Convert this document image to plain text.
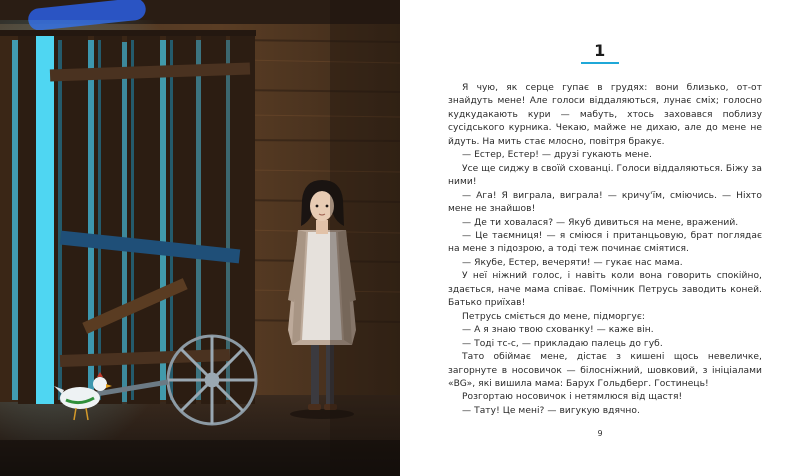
1

Я чую, як серце гупає в грудях: вони близько, от-от знайдуть мене! Але голоси віддаляються, лунає сміх; голосно кудкудакають кури — мабуть, хтось заховався поблизу сусідського курника. Чекаю, майже не дихаю, але до мене не йдуть. На мить стає млосно, повітря бракує.

— Естер, Естер! — друзі гукають мене.

Усе ще сиджу в своїй схованці. Голоси віддаляються. Біжу за ними!

— Ага! Я виграла, виграла! — кричу'їм, сміючись. — Ніхто мене не знайшов!

— Де ти ховалася? — Якуб дивиться на мене, вражений.

— Це таємниця! — я сміюся і пританцьовую, брат поглядає на мене з підозрою, а тоді теж починає сміятися.

— Якубе, Естер, вечеряти! — гукає нас мама.

У неї ніжний голос, і навіть коли вона говорить спокійно, здається, наче мама співає. Помічник Петрусь заводить коней. Батько приїхав!

Петрусь сміється до мене, підморгує:

— А я знаю твою схованку! — каже він.

— Тоді тс-с, — прикладаю палець до губ.

Тато обіймає мене, дістає з кишені щось невеличке, загорнуте в носовичок — білосніжний, шовковий, з ініціалами «BG», які вишила мама: Барух Гольдберг. Гостинець!

Розгортаю носовичок і нетямлюся від щастя!

— Тату! Це мені? — вигукую вдячно.

9
